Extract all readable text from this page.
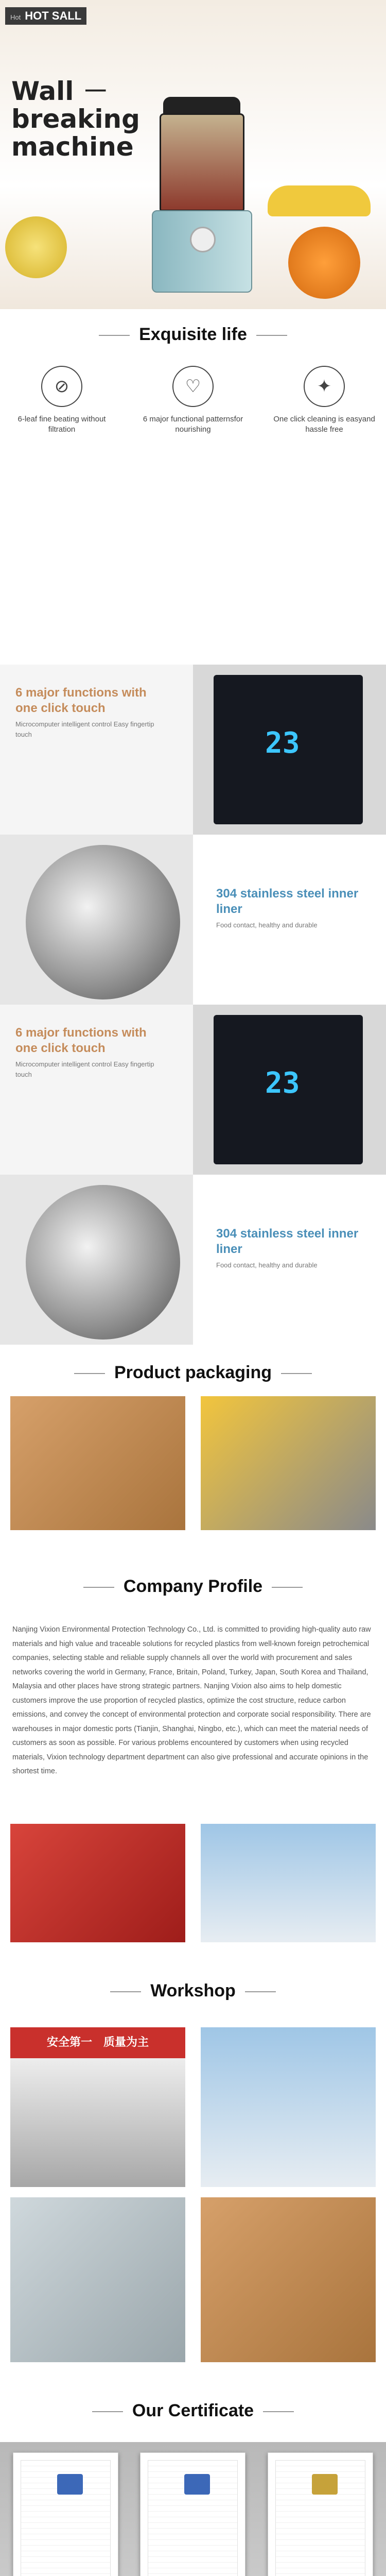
Hot HOT SALL
Wall －
breaking
machine
Exquisite life
⊘
6-leaf fine beating without filtration
♡
6 major functional patternsfor nourishing
✦
One click cleaning is easyand hassle free
6 major functions with one click touch
Microcomputer intelligent control Easy fingertip touch	23
304 stainless steel inner liner
Food contact, healthy and durable
6 major functions with one click touch
Microcomputer intelligent control Easy fingertip touch	23
304 stainless steel inner liner
Food contact, healthy and durable
Product packaging
Company Profile
Nanjing Vixion Environmental Protection Technology Co., Ltd. is committed to providing high-quality auto raw materials and high value and traceable solutions for recycled plastics from well-known foreign petrochemical companies, selecting stable and reliable supply channels all over the world with procurement and sales networks covering the world in Germany, France, Britain, Poland, Turkey, Japan, South Korea and Thailand, Malaysia and other places have strong strategic partners. Nanjing Vixion also aims to help domestic customers improve the use proportion of recycled plastics, optimize the cost structure, reduce carbon emissions, and convey the concept of environmental protection and corporate social responsibility. There are warehouses in major domestic ports (Tianjin, Shanghai, Ningbo, etc.), which can meet the material needs of customers as soon as possible. For various problems encountered by customers when using recycled materials, Vixion technology department department can also give professional and accurate opinions in the shortest time.
Workshop
安全第一　质量为主
Our Certificate
